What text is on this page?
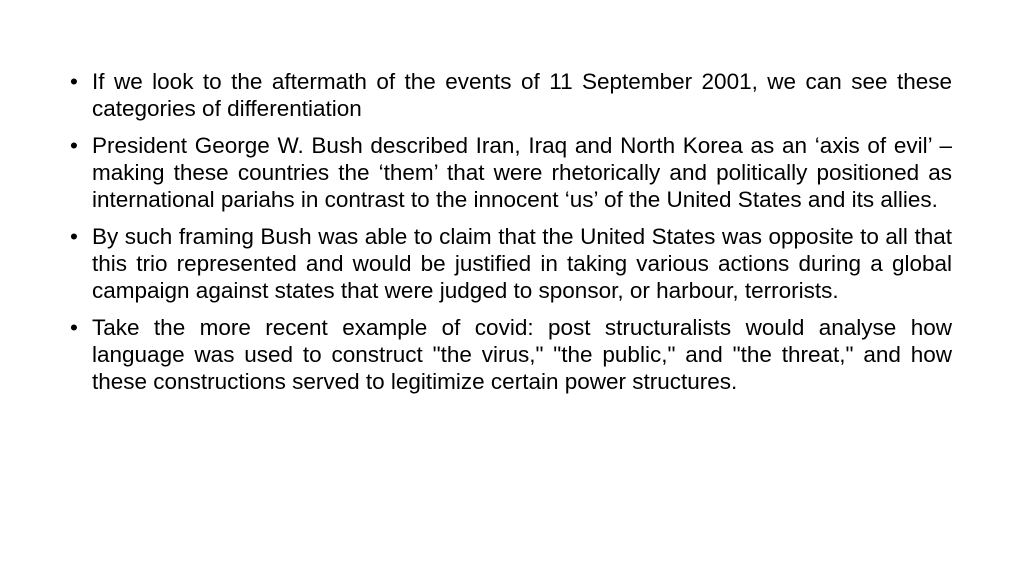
• If we look to the aftermath of the events of 11 September 2001, we can see these categories of differentiation
• President George W. Bush described Iran, Iraq and North Korea as an ‘axis of evil’ – making these countries the ‘them’ that were rhetorically and politically positioned as international pariahs in contrast to the innocent ‘us’ of the United States and its allies.
• By such framing Bush was able to claim that the United States was opposite to all that this trio represented and would be justified in taking various actions during a global campaign against states that were judged to sponsor, or harbour, terrorists.
• Take the more recent example of covid: post structuralists would analyse how language was used to construct "the virus," "the public," and "the threat," and how these constructions served to legitimize certain power structures.
